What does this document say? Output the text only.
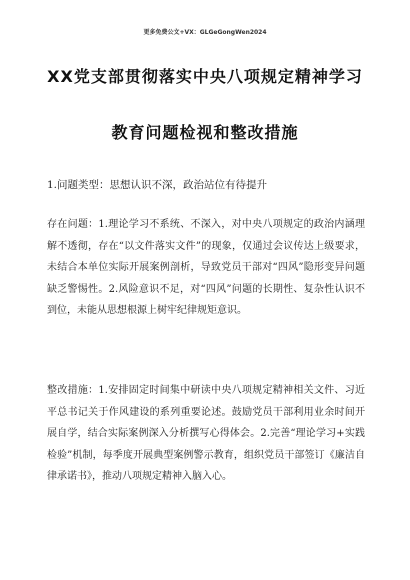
更多免费公文+VX：GLGeGongWen2024
XX党支部贯彻落实中央八项规定精神学习
教育问题检视和整改措施
1.问题类型：思想认识不深，政治站位有待提升
存在问题：1.理论学习不系统、不深入，对中央八项规定的政治内涵理解不透彻，存在“以文件落实文件”的现象，仅通过会议传达上级要求，未结合本单位实际开展案例剖析，导致党员干部对“四风”隐形变异问题缺乏警惕性。2.风险意识不足，对“四风”问题的长期性、复杂性认识不到位，未能从思想根源上树牢纪律规矩意识。
整改措施：1.安排固定时间集中研读中央八项规定精神相关文件、习近平总书记关于作风建设的系列重要论述。鼓励党员干部利用业余时间开展自学，结合实际案例深入分析撰写心得体会。2.完善“理论学习+实践检验”机制，每季度开展典型案例警示教育，组织党员干部签订《廉洁自律承诺书》，推动八项规定精神入脑入心。
